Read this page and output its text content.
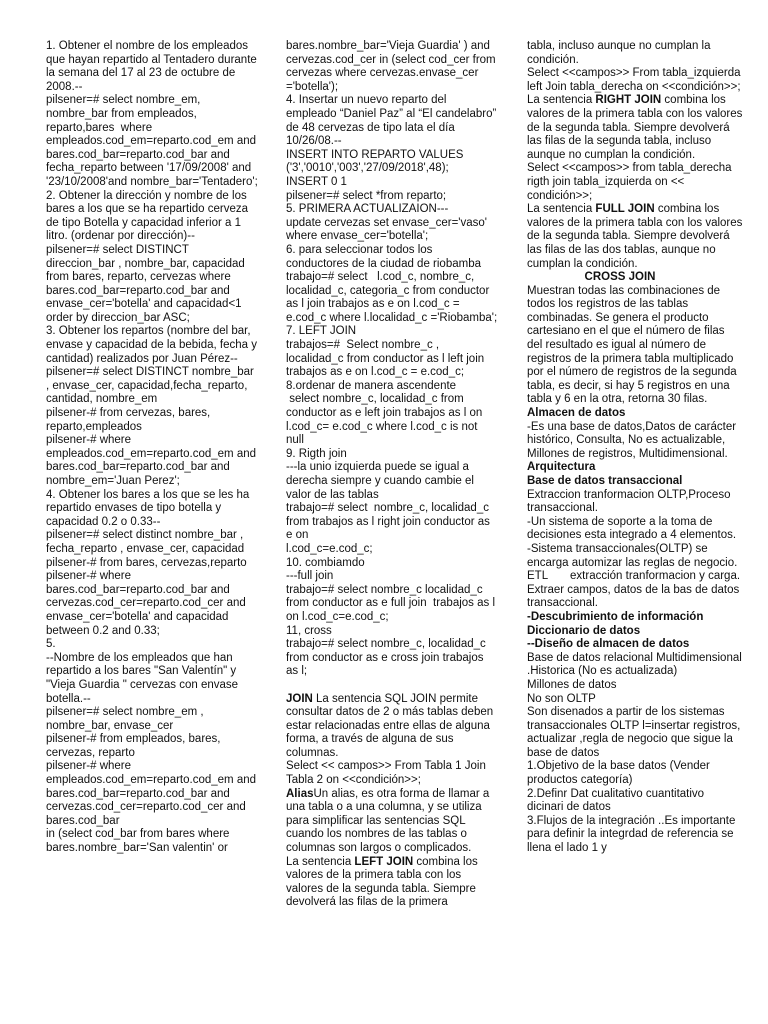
1. Obtener el nombre de los empleados que hayan repartido al Tentadero durante la semana del 17 al 23 de octubre de 2008.--
pilsener=# select nombre_em, nombre_bar from empleados, reparto,bares  where empleados.cod_em=reparto.cod_em and bares.cod_bar=reparto.cod_bar and fecha_reparto between '17/09/2008' and '23/10/2008'and nombre_bar='Tentadero';
2. Obtener la dirección y nombre de los bares a los que se ha repartido cerveza de tipo Botella y capacidad inferior a 1 litro. (ordenar por dirección)--
pilsener=# select DISTINCT direccion_bar , nombre_bar, capacidad  from bares, reparto, cervezas where bares.cod_bar=reparto.cod_bar and envase_cer='botella' and capacidad<1 order by direccion_bar ASC;
3. Obtener los repartos (nombre del bar, envase y capacidad de la bebida, fecha y cantidad) realizados por Juan Pérez--
pilsener=# select DISTINCT nombre_bar , envase_cer, capacidad,fecha_reparto, cantidad, nombre_em
pilsener-# from cervezas, bares, reparto,empleados
pilsener-# where empleados.cod_em=reparto.cod_em and bares.cod_bar=reparto.cod_bar and nombre_em='Juan Perez';
4. Obtener los bares a los que se les ha repartido envases de tipo botella y capacidad 0.2 o 0.33--
pilsener=# select distinct nombre_bar , fecha_reparto , envase_cer, capacidad
pilsener-# from bares, cervezas,reparto
pilsener-# where bares.cod_bar=reparto.cod_bar and cervezas.cod_cer=reparto.cod_cer and envase_cer='botella' and capacidad between 0.2 and 0.33;
5.
--Nombre de los empleados que han repartido a los bares "San Valentín" y "Vieja Guardia " cervezas con envase botella.--
pilsener=# select nombre_em , nombre_bar, envase_cer
pilsener-# from empleados, bares, cervezas, reparto
pilsener-# where empleados.cod_em=reparto.cod_em and bares.cod_bar=reparto.cod_bar and
cervezas.cod_cer=reparto.cod_cer and bares.cod_bar
in (select cod_bar from bares where bares.nombre_bar='San valentin' or
bares.nombre_bar='Vieja Guardia' ) and cervezas.cod_cer in (select cod_cer from cervezas where cervezas.envase_cer ='botella');
4. Insertar un nuevo reparto del empleado “Daniel Paz” al “El candelabro” de 48 cervezas de tipo lata el día 10/26/08.--
INSERT INTO REPARTO VALUES ('3','0010','003','27/09/2018',48);
INSERT 0 1
pilsener=# select *from reparto;
5. PRIMERA ACTUALIZAION---
update cervezas set envase_cer='vaso' where envase_cer='botella';
6. para seleccionar todos los conductores de la ciudad de riobamba
trabajo=# select   l.cod_c, nombre_c, localidad_c, categoria_c from conductor as l join trabajos as e on l.cod_c = e.cod_c where l.localidad_c ='Riobamba';
7. LEFT JOIN
trabajos=#  Select nombre_c , localidad_c from conductor as l left join trabajos as e on l.cod_c = e.cod_c;
8.ordenar de manera ascendente
select nombre_c, localidad_c from conductor as e left join trabajos as l on  l.cod_c= e.cod_c where l.cod_c is not null
9. Rigth join
---la unio izquierda puede se igual a derecha siempre y cuando cambie el valor de las tablas
trabajo=# select  nombre_c, localidad_c from trabajos as l right join conductor as e on
l.cod_c=e.cod_c;
10. combiamdo
---full join
trabajo=# select nombre_c localidad_c from conductor as e full join  trabajos as l on l.cod_c=e.cod_c;
11, cross
trabajo=# select nombre_c, localidad_c   from conductor as e cross join trabajos as l;
JOIN La sentencia SQL JOIN permite consultar datos de 2 o más tablas deben estar relacionadas entre ellas de alguna forma, a través de alguna de sus columnas.
Select << campos>> From Tabla 1 Join Tabla 2 on <<condición>>;
AliasUn alias, es otra forma de llamar a una tabla o a una columna, y se utiliza para simplificar las sentencias SQL cuando los nombres de las tablas o columnas son largos o complicados.
La sentencia LEFT JOIN combina los valores de la primera tabla con los valores de la segunda tabla. Siempre devolverá las filas de la primera
tabla, incluso aunque no cumplan la condición.
Select <<campos>> From tabla_izquierda left Join tabla_derecha on <<condición>>;
La sentencia RIGHT JOIN combina los valores de la primera tabla con los valores de la segunda tabla. Siempre devolverá las filas de la segunda tabla, incluso aunque no cumplan la condición.
Select <<campos>> from tabla_derecha rigth join tabla_izquierda on << condición>>;
La sentencia FULL JOIN combina los valores de la primera tabla con los valores de la segunda tabla. Siempre devolverá las filas de las dos tablas, aunque no cumplan la condición.
CROSS JOIN
Muestran todas las combinaciones de todos los registros de las tablas combinadas. Se genera el producto cartesiano en el que el número de filas del resultado es igual al número de registros de la primera tabla multiplicado por el número de registros de la segunda tabla, es decir, si hay 5 registros en una tabla y 6 en la otra, retorna 30 filas.
Almacen de datos
-Es una base de datos,Datos de carácter histórico, Consulta, No es actualizable, Millones de registros, Multidimensional.
Arquitectura
Base de datos transaccional
Extraccion tranformacion OLTP,Proceso transaccional.
-Un sistema de soporte a la toma de decisiones esta integrado a 4 elementos.
-Sistema transaccionales(OLTP) se encarga automizar las reglas de negocio.
ETL       extracción tranformacion y carga. Extraer campos, datos de la bas de datos transaccional.
-Descubrimiento de información
Diccionario de datos
--Diseño de almacen de datos
Base de datos relacional Multidimensional
.Historica (No es actualizada)
Millones de datos
No son OLTP
Son disenados a partir de los sistemas transaccionales OLTP l=insertar registros, actualizar ,regla de negocio que sigue la base de datos
1.Objetivo de la base datos (Vender productos categoría)
2.Definr Dat cualitativo cuantitativo dicinari de datos
3.Flujos de la integración ..Es importante para definir la integrdad de referencia se llena el lado 1 y
